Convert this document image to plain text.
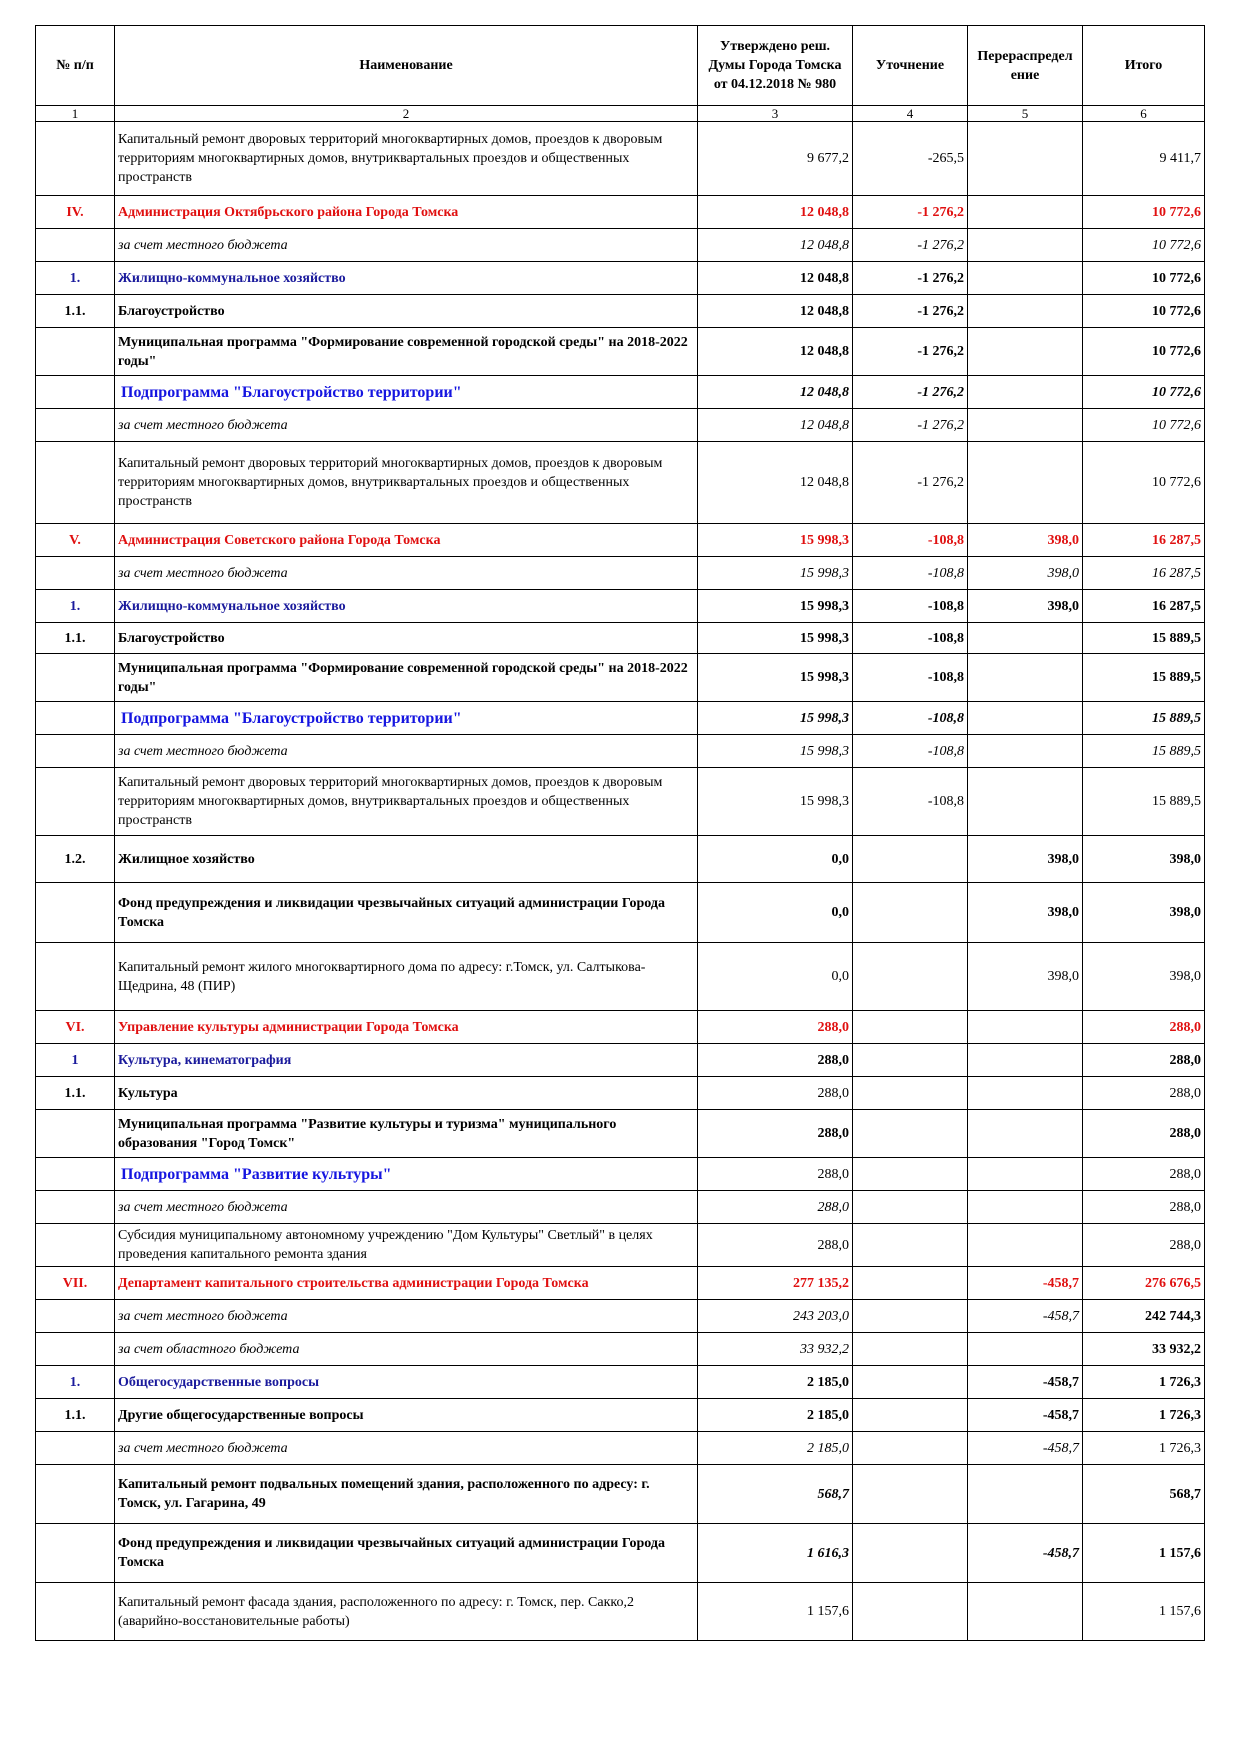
№ п/п	Наименование	Утверждено реш. Думы Города Томска от 04.12.2018 № 980	Уточнение	Перераспредел ение	Итого
1	2	3	4	5	6
	Капитальный ремонт дворовых территорий многоквартирных домов, проездов к дворовым территориям многоквартирных домов, внутриквартальных проездов и общественных пространств	9 677,2	-265,5		9 411,7
IV.	Администрация Октябрьского района Города Томска	12 048,8	-1 276,2		10 772,6
	за счет местного бюджета	12 048,8	-1 276,2		10 772,6
1.	Жилищно-коммунальное хозяйство	12 048,8	-1 276,2		10 772,6
1.1.	Благоустройство	12 048,8	-1 276,2		10 772,6
	Муниципальная программа "Формирование современной городской среды" на 2018-2022 годы"	12 048,8	-1 276,2		10 772,6
	Подпрограмма "Благоустройство территории"	12 048,8	-1 276,2		10 772,6
	за счет местного бюджета	12 048,8	-1 276,2		10 772,6
	Капитальный ремонт дворовых территорий многоквартирных домов, проездов к дворовым территориям многоквартирных домов, внутриквартальных проездов и общественных пространств	12 048,8	-1 276,2		10 772,6
V.	Администрация Советского района Города Томска	15 998,3	-108,8	398,0	16 287,5
	за счет местного бюджета	15 998,3	-108,8	398,0	16 287,5
1.	Жилищно-коммунальное хозяйство	15 998,3	-108,8	398,0	16 287,5
1.1.	Благоустройство	15 998,3	-108,8		15 889,5
	Муниципальная программа "Формирование современной городской среды" на 2018-2022 годы"	15 998,3	-108,8		15 889,5
	Подпрограмма "Благоустройство территории"	15 998,3	-108,8		15 889,5
	за счет местного бюджета	15 998,3	-108,8		15 889,5
	Капитальный ремонт дворовых территорий многоквартирных домов, проездов к дворовым территориям многоквартирных домов, внутриквартальных проездов и общественных пространств	15 998,3	-108,8		15 889,5
1.2.	Жилищное хозяйство	0,0		398,0	398,0
	Фонд предупреждения и ликвидации чрезвычайных ситуаций администрации Города Томска	0,0		398,0	398,0
	Капитальный ремонт жилого многоквартирного дома по адресу: г.Томск, ул. Салтыкова-Щедрина, 48 (ПИР)	0,0		398,0	398,0
VI.	Управление культуры администрации Города Томска	288,0			288,0
1	Культура, кинематография	288,0			288,0
1.1.	Культура	288,0			288,0
	Муниципальная программа "Развитие культуры и туризма" муниципального образования "Город Томск"	288,0			288,0
	Подпрограмма "Развитие культуры"	288,0			288,0
	за счет местного бюджета	288,0			288,0
	Субсидия муниципальному автономному учреждению "Дом Культуры" Светлый" в целях проведения капитального ремонта здания	288,0			288,0
VII.	Департамент капитального строительства администрации Города Томска	277 135,2		-458,7	276 676,5
	за счет местного бюджета	243 203,0		-458,7	242 744,3
	за счет областного бюджета	33 932,2			33 932,2
1.	Общегосударственные вопросы	2 185,0		-458,7	1 726,3
1.1.	Другие общегосударственные вопросы	2 185,0		-458,7	1 726,3
	за счет местного бюджета	2 185,0		-458,7	1 726,3
	Капитальный ремонт подвальных помещений здания, расположенного по адресу: г. Томск, ул. Гагарина, 49	568,7			568,7
	Фонд предупреждения и ликвидации чрезвычайных ситуаций администрации Города Томска	1 616,3		-458,7	1 157,6
	Капитальный ремонт фасада здания, расположенного по адресу: г. Томск, пер. Сакко,2 (аварийно-восстановительные работы)	1 157,6			1 157,6
